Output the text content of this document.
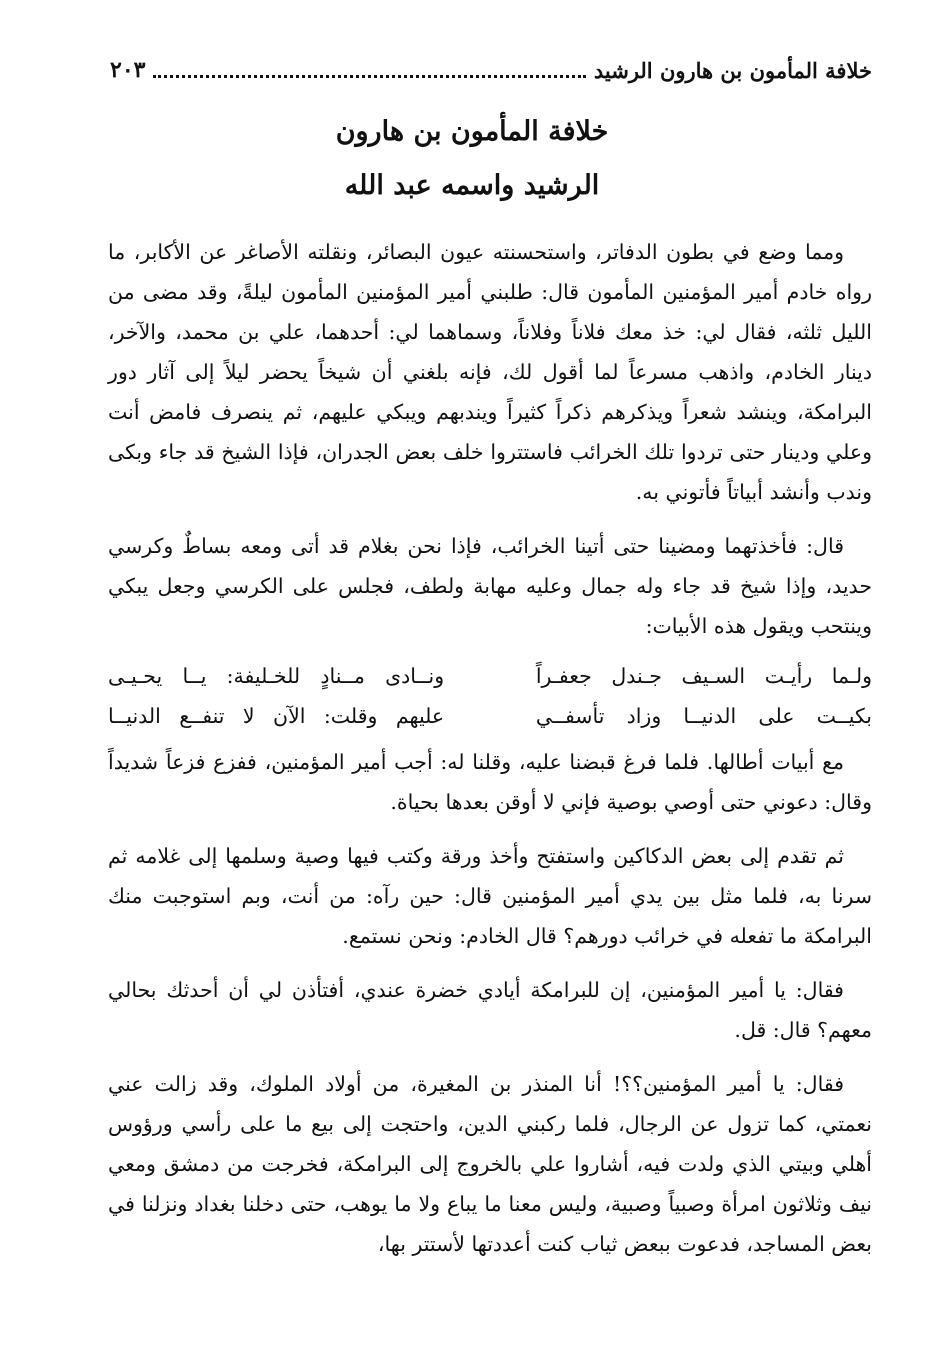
خلافة المأمون بن هارون الرشيد
٢٠٣
خلافة المأمون بن هارون
الرشيد واسمه عبد الله

ومما وضع في بطون الدفاتر، واستحسنته عيون البصائر، ونقلته الأصاغر عن الأكابر، ما رواه خادم أمير المؤمنين المأمون قال: طلبني أمير المؤمنين المأمون ليلةً، وقد مضى من الليل ثلثه، فقال لي: خذ معك فلاناً وفلاناً، وسماهما لي: أحدهما، علي بن محمد، والآخر، دينار الخادم، واذهب مسرعاً لما أقول لك، فإنه بلغني أن شيخاً يحضر ليلاً إلى آثار دور البرامكة، وينشد شعراً ويذكرهم ذكراً كثيراً ويندبهم ويبكي عليهم، ثم ينصرف فامض أنت وعلي ودينار حتى تردوا تلك الخرائب فاستتروا خلف بعض الجدران، فإذا الشيخ قد جاء وبكى وندب وأنشد أبياتاً فأتوني به.

قال: فأخذتهما ومضينا حتى أتينا الخرائب، فإذا نحن بغلام قد أتى ومعه بساطٌ وكرسي حديد، وإذا شيخ قد جاء وله جمال وعليه مهابة ولطف، فجلس على الكرسي وجعل يبكي وينتحب ويقول هذه الأبيات:

ولـما رأيـت السـيف جـندل جعفـراً
ونــادى مــنادٍ للخـليفة: يــا يحـيـى
بكيــت على الدنيــا وزاد تأسفــي
عليهم وقلت: الآن لا تنفــع الدنيــا

مع أبيات أطالها. فلما فرغ قبضنا عليه، وقلنا له: أجب أمير المؤمنين، ففزع فزعاً شديداً وقال: دعوني حتى أوصي بوصية فإني لا أوقن بعدها بحياة.

ثم تقدم إلى بعض الدكاكين واستفتح وأخذ ورقة وكتب فيها وصية وسلمها إلى غلامه ثم سرنا به، فلما مثل بين يدي أمير المؤمنين قال: حين رآه: من أنت، وبم استوجبت منك البرامكة ما تفعله في خرائب دورهم؟ قال الخادم: ونحن نستمع.

فقال: يا أمير المؤمنين، إن للبرامكة أيادي خضرة عندي، أفتأذن لي أن أحدثك بحالي معهم؟ قال: قل.

فقال: يا أمير المؤمنين؟؟! أنا المنذر بن المغيرة، من أولاد الملوك، وقد زالت عني نعمتي، كما تزول عن الرجال، فلما ركبني الدين، واحتجت إلى بيع ما على رأسي ورؤوس أهلي وبيتي الذي ولدت فيه، أشاروا علي بالخروج إلى البرامكة، فخرجت من دمشق ومعي نيف وثلاثون امرأة وصبياً وصبية، وليس معنا ما يباع ولا ما يوهب، حتى دخلنا بغداد ونزلنا في بعض المساجد، فدعوت ببعض ثياب كنت أعددتها لأستتر بها،
